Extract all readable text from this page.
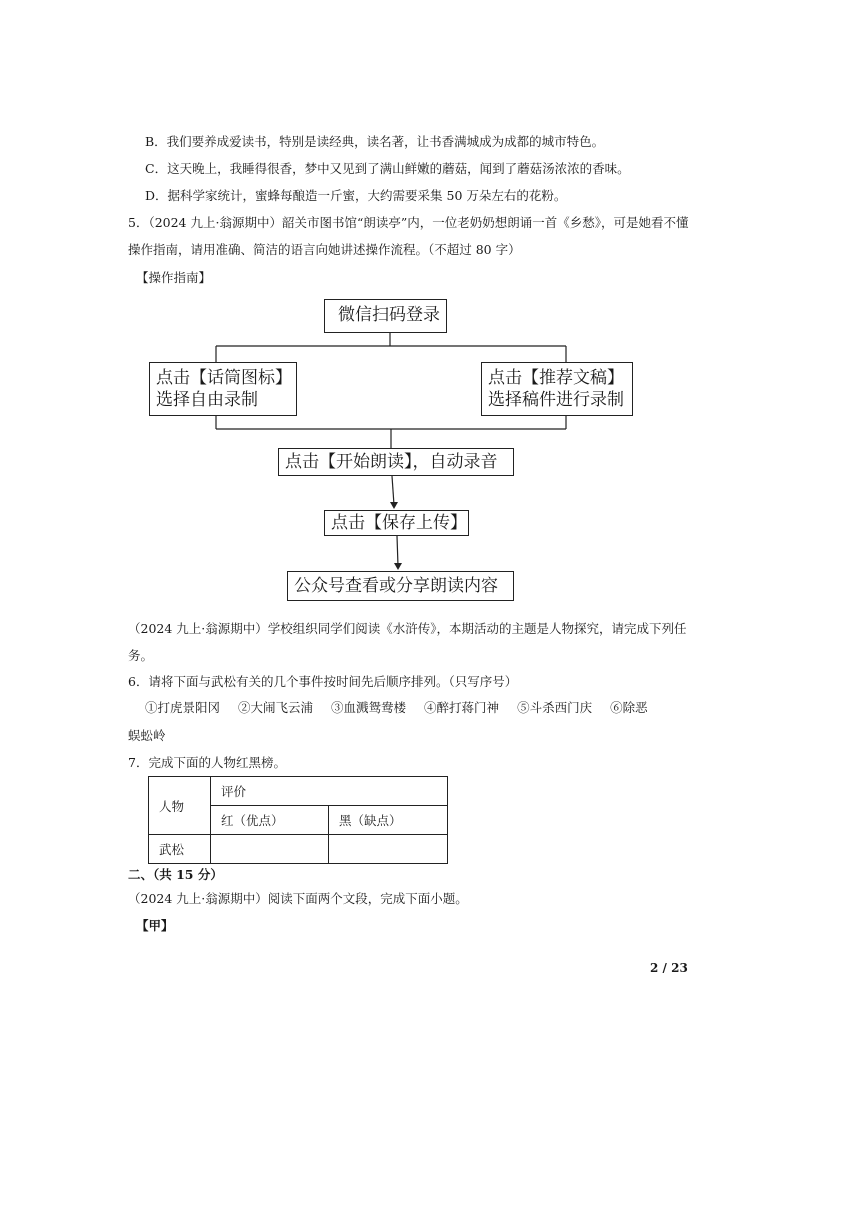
B．我们要养成爱读书，特别是读经典，读名著，让书香满城成为成都的城市特色。
C．这天晚上，我睡得很香，梦中又见到了满山鲜嫩的蘑菇，闻到了蘑菇汤浓浓的香味。
D．据科学家统计，蜜蜂每酿造一斤蜜，大约需要采集 50 万朵左右的花粉。
5．（2024 九上·翁源期中）韶关市图书馆“朗读亭”内，一位老奶奶想朗诵一首《乡愁》，可是她看不懂
操作指南，请用准确、简洁的语言向她讲述操作流程。（不超过 80 字）
【操作指南】
微信扫码登录
点击【话筒图标】
选择自由录制
点击【推荐文稿】
选择稿件进行录制
点击【开始朗读】，自动录音
点击【保存上传】
公众号查看或分享朗读内容
（2024 九上·翁源期中）学校组织同学们阅读《水浒传》，本期活动的主题是人物探究，请完成下列任
务。
6．请将下面与武松有关的几个事件按时间先后顺序排列。（只写序号）
①打虎景阳冈 ②大闹飞云浦 ③血溅鸳鸯楼 ④醉打蒋门神 ⑤斗杀西门庆 ⑥除恶
蜈蚣岭
7．完成下面的人物红黑榜。
人物	评价	
	红（优点）	黑（缺点）
武松		
二、（共 15 分）
（2024 九上·翁源期中）阅读下面两个文段，完成下面小题。
【甲】
2 / 23
